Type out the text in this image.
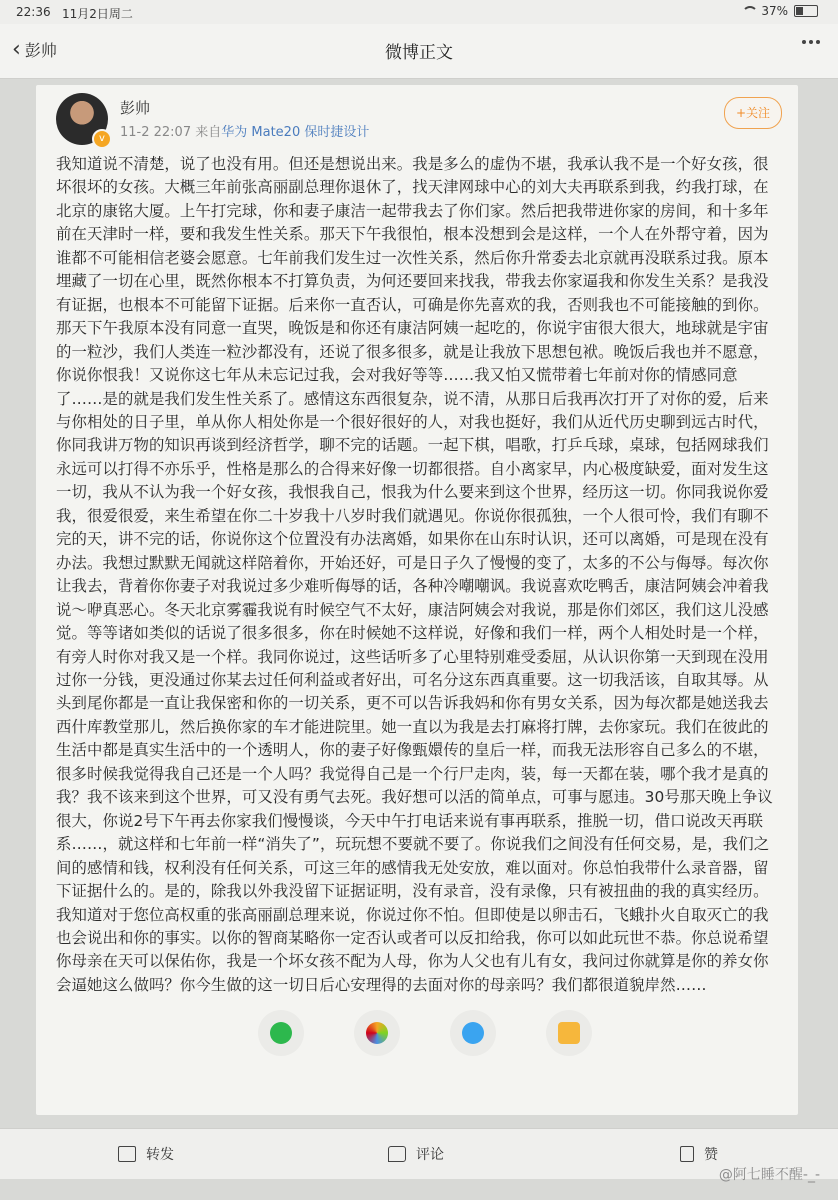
22:36 11月2日周二	37%
‹ 彭帅	微博正文
v
彭帅
11-2 22:07 来自华为 Mate20 保时捷设计
+关注
我知道说不清楚，说了也没有用。但还是想说出来。我是多么的虚伪不堪，我承认我不是一个好女孩，很坏很坏的女孩。大概三年前张高丽副总理你退休了，找天津网球中心的刘大夫再联系到我，约我打球，在北京的康铭大厦。上午打完球，你和妻子康洁一起带我去了你们家。然后把我带进你家的房间，和十多年前在天津时一样，要和我发生性关系。那天下午我很怕，根本没想到会是这样，一个人在外帮守着，因为谁都不可能相信老婆会愿意。七年前我们发生过一次性关系，然后你升常委去北京就再没联系过我。原本埋藏了一切在心里，既然你根本不打算负责，为何还要回来找我，带我去你家逼我和你发生关系？是我没有证据，也根本不可能留下证据。后来你一直否认，可确是你先喜欢的我，否则我也不可能接触的到你。那天下午我原本没有同意一直哭，晚饭是和你还有康洁阿姨一起吃的，你说宇宙很大很大，地球就是宇宙的一粒沙，我们人类连一粒沙都没有，还说了很多很多，就是让我放下思想包袱。晚饭后我也并不愿意，你说你恨我！又说你这七年从未忘记过我，会对我好等等……我又怕又慌带着七年前对你的情感同意了……是的就是我们发生性关系了。感情这东西很复杂，说不清，从那日后我再次打开了对你的爱，后来与你相处的日子里，单从你人相处你是一个很好很好的人，对我也挺好，我们从近代历史聊到远古时代，你同我讲万物的知识再谈到经济哲学，聊不完的话题。一起下棋，唱歌，打乒乓球，桌球，包括网球我们永远可以打得不亦乐乎，性格是那么的合得来好像一切都很搭。自小离家早，内心极度缺爱，面对发生这一切，我从不认为我一个好女孩，我恨我自己，恨我为什么要来到这个世界，经历这一切。你同我说你爱我，很爱很爱，来生希望在你二十岁我十八岁时我们就遇见。你说你很孤独，一个人很可怜，我们有聊不完的天，讲不完的话，你说你这个位置没有办法离婚，如果你在山东时认识，还可以离婚，可是现在没有办法。我想过默默无闻就这样陪着你，开始还好，可是日子久了慢慢的变了，太多的不公与侮辱。每次你让我去，背着你你妻子对我说过多少难听侮辱的话，各种冷嘲嘲讽。我说喜欢吃鸭舌，康洁阿姨会冲着我说～咿真恶心。冬天北京雾霾我说有时候空气不太好，康洁阿姨会对我说，那是你们郊区，我们这儿没感觉。等等诸如类似的话说了很多很多，你在时候她不这样说，好像和我们一样，两个人相处时是一个样，有旁人时你对我又是一个样。我同你说过，这些话听多了心里特别难受委屈，从认识你第一天到现在没用过你一分钱，更没通过你某去过任何利益或者好出，可名分这东西真重要。这一切我活该，自取其辱。从头到尾你都是一直让我保密和你的一切关系，更不可以告诉我妈和你有男女关系，因为每次都是她送我去西什库教堂那儿，然后换你家的车才能进院里。她一直以为我是去打麻将打牌，去你家玩。我们在彼此的生活中都是真实生活中的一个透明人，你的妻子好像甄嬛传的皇后一样，而我无法形容自己多么的不堪，很多时候我觉得我自己还是一个人吗？我觉得自己是一个行尸走肉，装，每一天都在装，哪个我才是真的我？我不该来到这个世界，可又没有勇气去死。我好想可以活的简单点，可事与愿违。30号那天晚上争议很大，你说2号下午再去你家我们慢慢谈，今天中午打电话来说有事再联系，推脱一切，借口说改天再联系……，就这样和七年前一样“消失了”，玩玩想不要就不要了。你说我们之间没有任何交易，是，我们之间的感情和钱，权利没有任何关系，可这三年的感情我无处安放，难以面对。你总怕我带什么录音器，留下证据什么的。是的，除我以外我没留下证据证明，没有录音，没有录像，只有被扭曲的我的真实经历。我知道对于您位高权重的张高丽副总理来说，你说过你不怕。但即使是以卵击石，飞蛾扑火自取灭亡的我也会说出和你的事实。以你的智商某略你一定否认或者可以反扣给我，你可以如此玩世不恭。你总说希望你母亲在天可以保佑你，我是一个坏女孩不配为人母，你为人父也有儿有女，我问过你就算是你的养女你会逼她这么做吗？你今生做的这一切日后心安理得的去面对你的母亲吗？我们都很道貌岸然……
转发	评论	赞
@阿七睡不醒-_-
